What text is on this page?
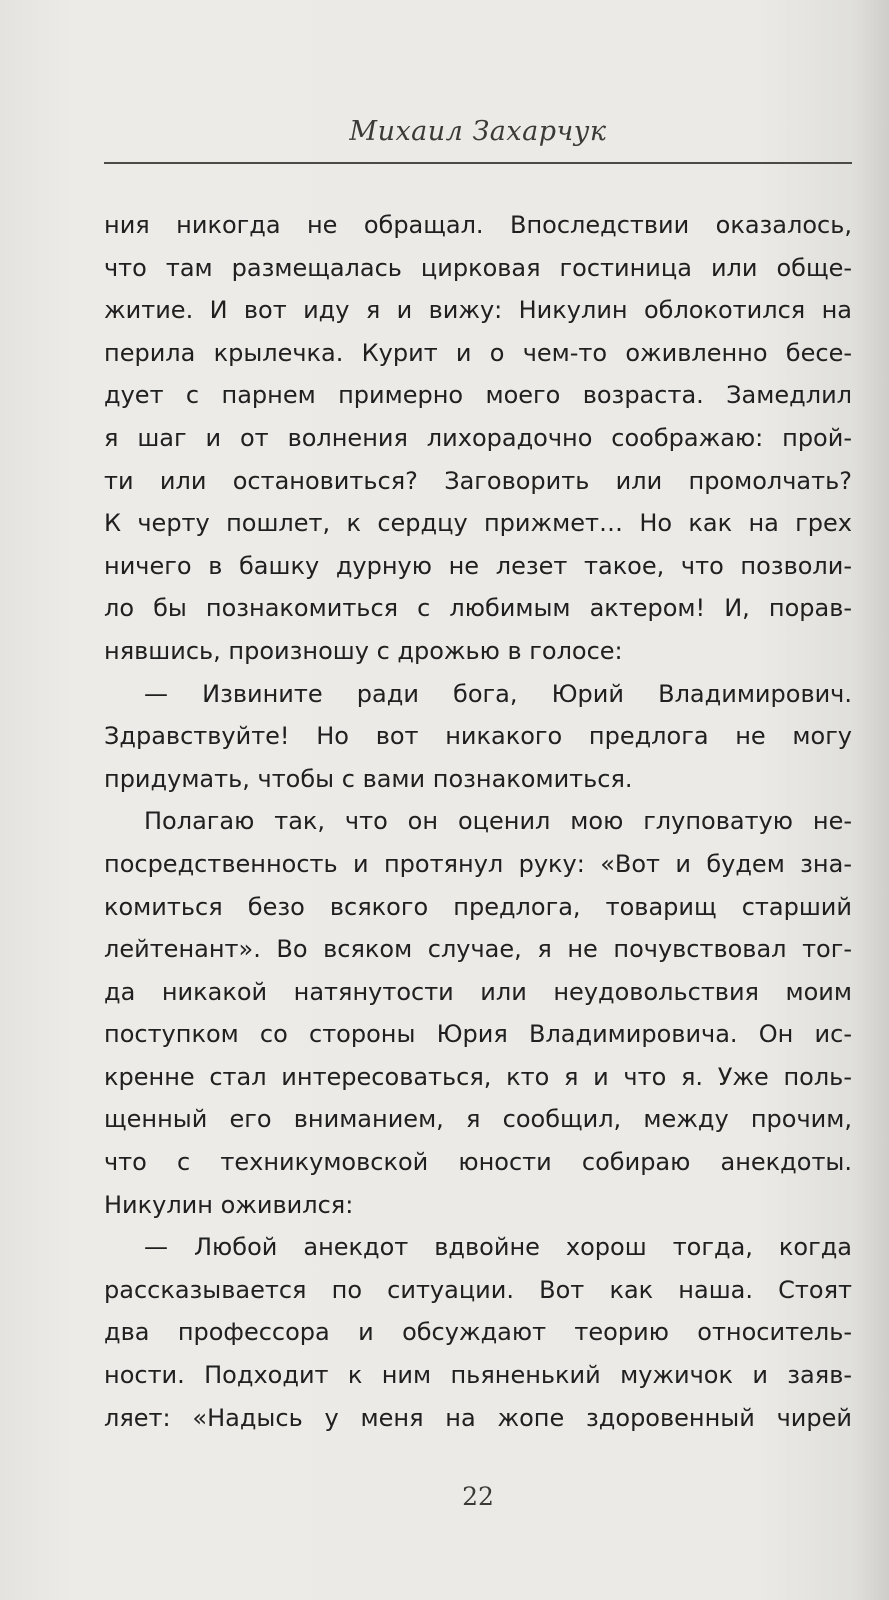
Михаил Захарчук
ния никогда не обращал. Впоследствии оказалось,
что там размещалась цирковая гостиница или обще-
житие. И вот иду я и вижу: Никулин облокотился на
перила крылечка. Курит и о чем-то оживленно бесе-
дует с парнем примерно моего возраста. Замедлил
я шаг и от волнения лихорадочно соображаю: прой-
ти или остановиться? Заговорить или промолчать?
К черту пошлет, к сердцу прижмет… Но как на грех
ничего в башку дурную не лезет такое, что позволи-
ло бы познакомиться с любимым актером! И, порав-
нявшись, произношу с дрожью в голосе:
— Извините ради бога, Юрий Владимирович.
Здравствуйте! Но вот никакого предлога не могу
придумать, чтобы с вами познакомиться.
Полагаю так, что он оценил мою глуповатую не-
посредственность и протянул руку: «Вот и будем зна-
комиться безо всякого предлога, товарищ старший
лейтенант». Во всяком случае, я не почувствовал тог-
да никакой натянутости или неудовольствия моим
поступком со стороны Юрия Владимировича. Он ис-
кренне стал интересоваться, кто я и что я. Уже поль-
щенный его вниманием, я сообщил, между прочим,
что с техникумовской юности собираю анекдоты.
Никулин оживился:
— Любой анекдот вдвойне хорош тогда, когда
рассказывается по ситуации. Вот как наша. Стоят
два профессора и обсуждают теорию относитель-
ности. Подходит к ним пьяненький мужичок и заяв-
ляет: «Надысь у меня на жопе здоровенный чирей
22
